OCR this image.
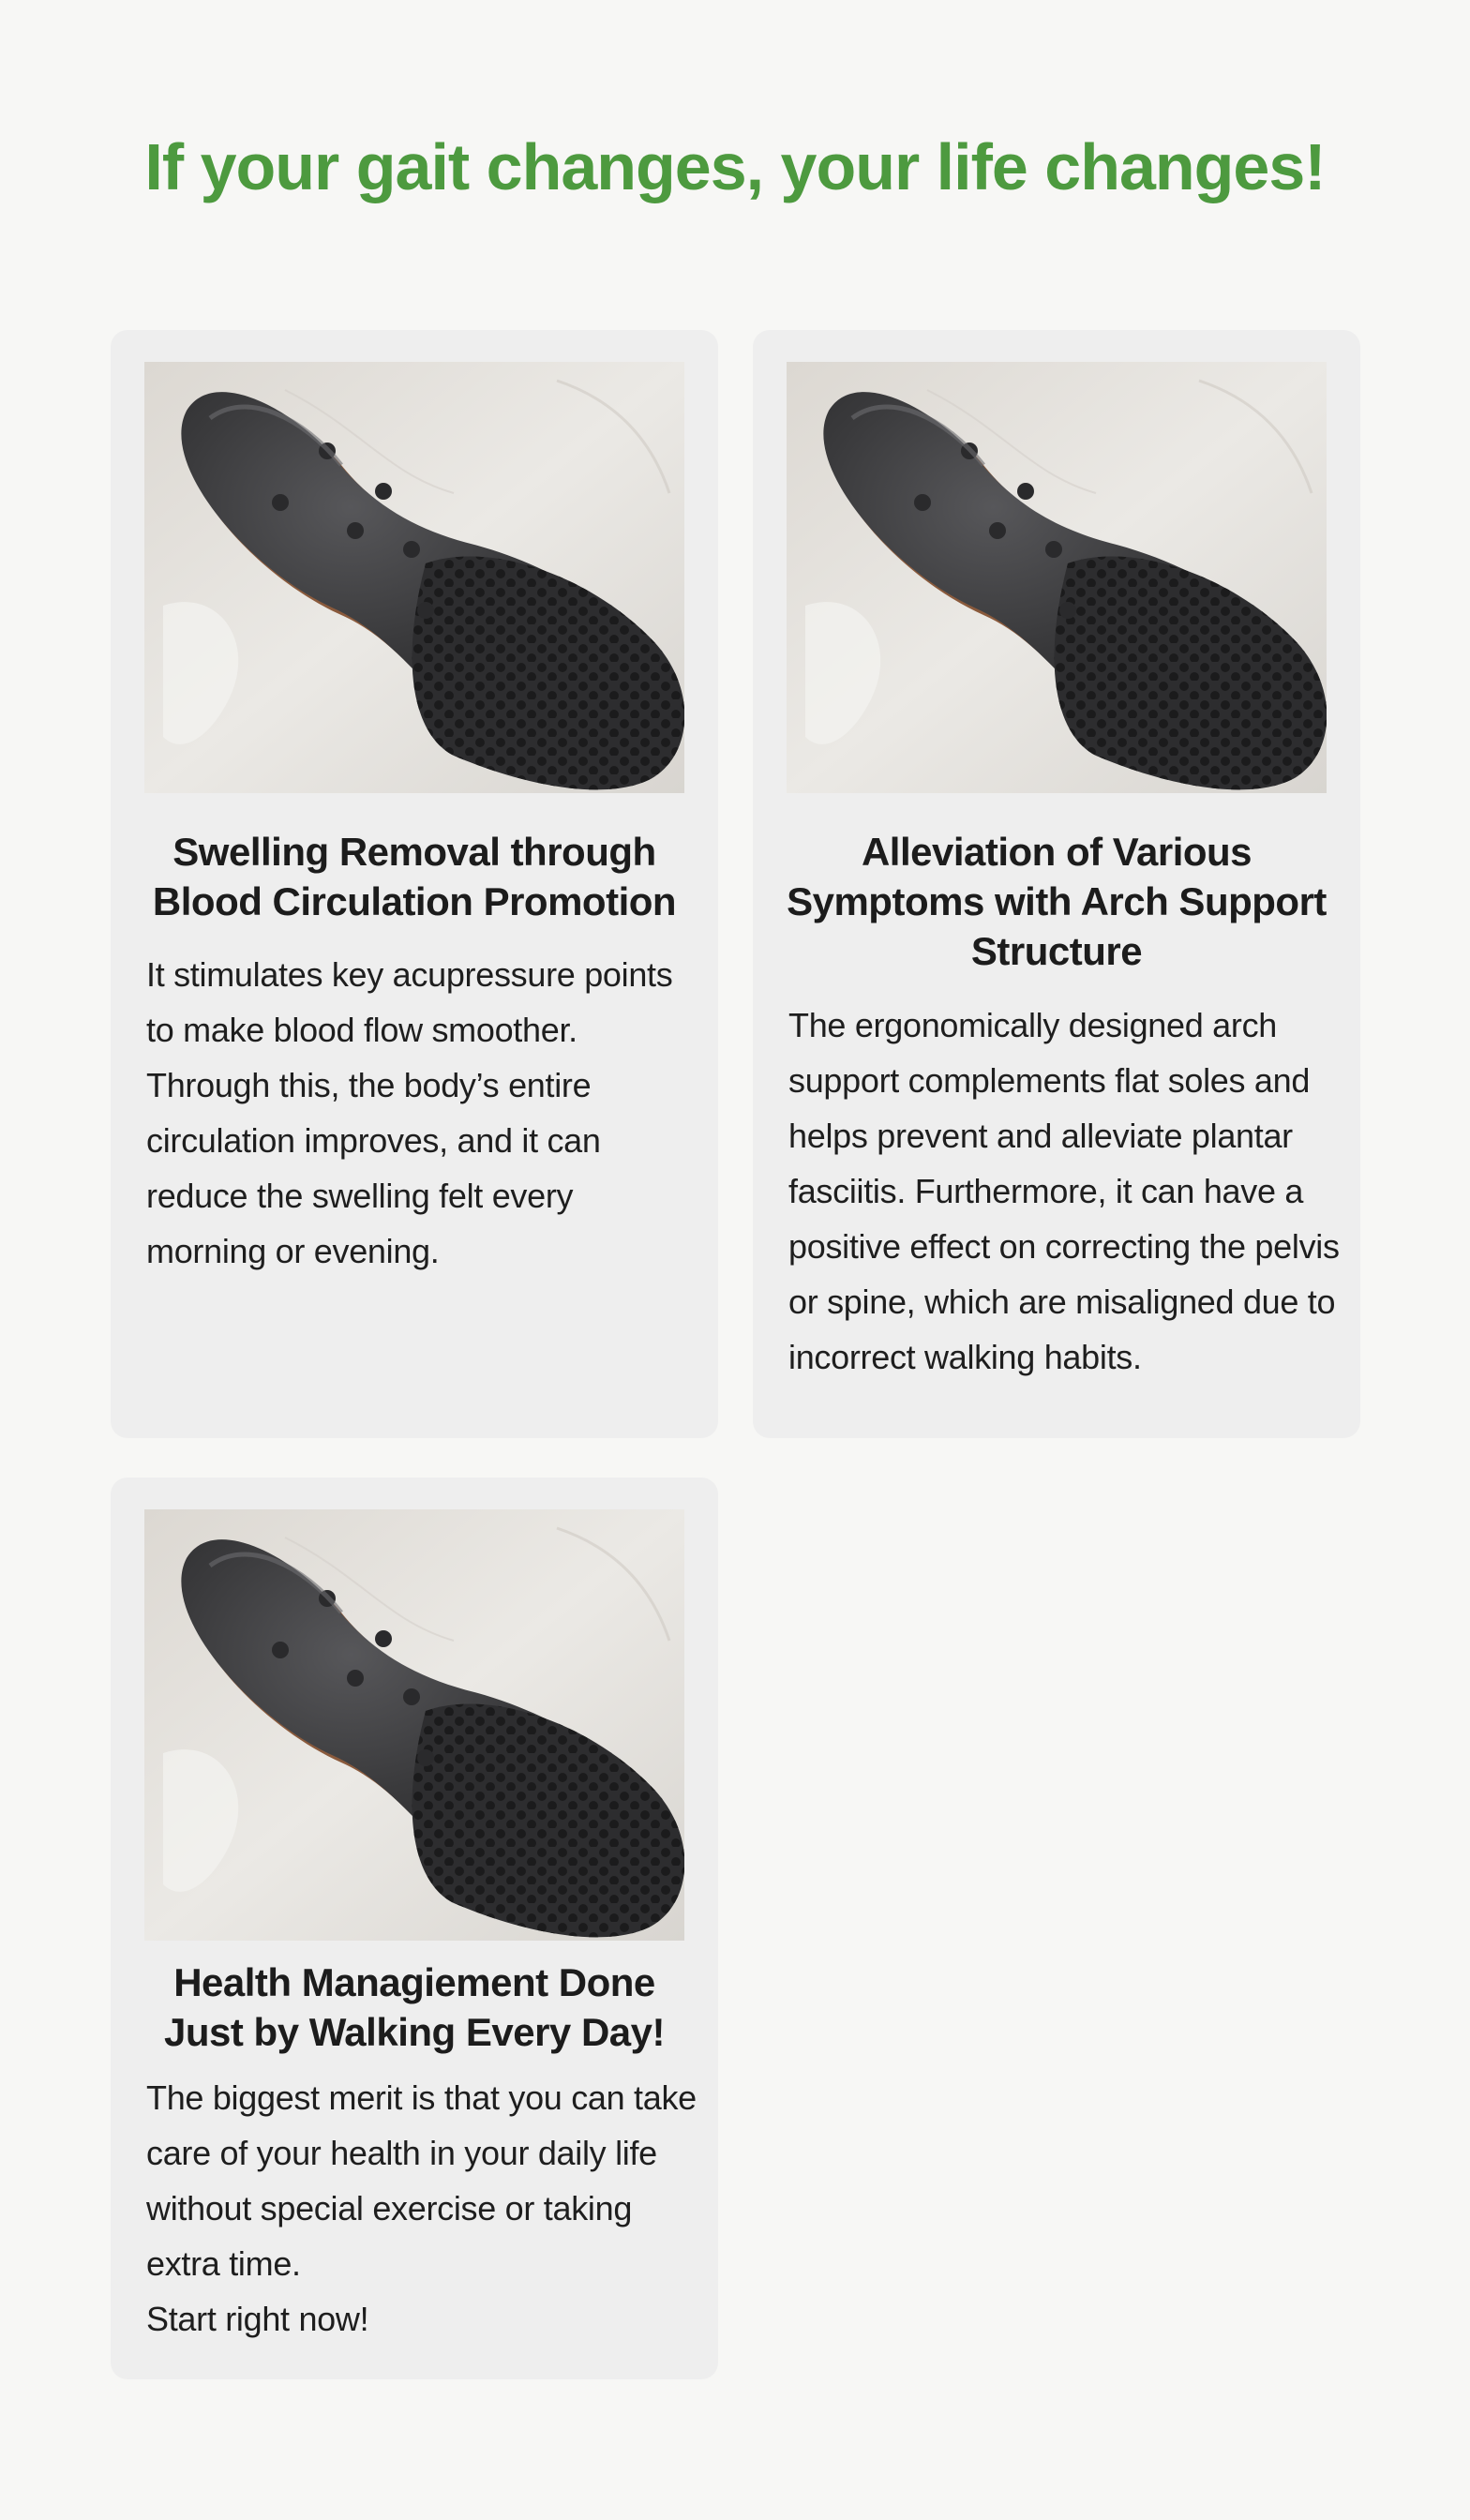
If your gait changes, your life changes!
Swelling Removal through Blood Circulation Promotion

It stimulates key acupressure points to make blood flow smoother. Through this, the body’s entire circulation improves, and it can reduce the swelling felt every morning or evening.

Alleviation of Various Symptoms with Arch Support Structure

The ergonomically designed arch support complements flat soles and helps prevent and alleviate plantar fasciitis. Furthermore, it can have a positive effect on correcting the pelvis or spine, which are misaligned due to incorrect walking habits.

Health Managiement Done Just by Walking Every Day!

The biggest merit is that you can take care of your health in your daily life without special exercise or taking extra time.

Start right now!
